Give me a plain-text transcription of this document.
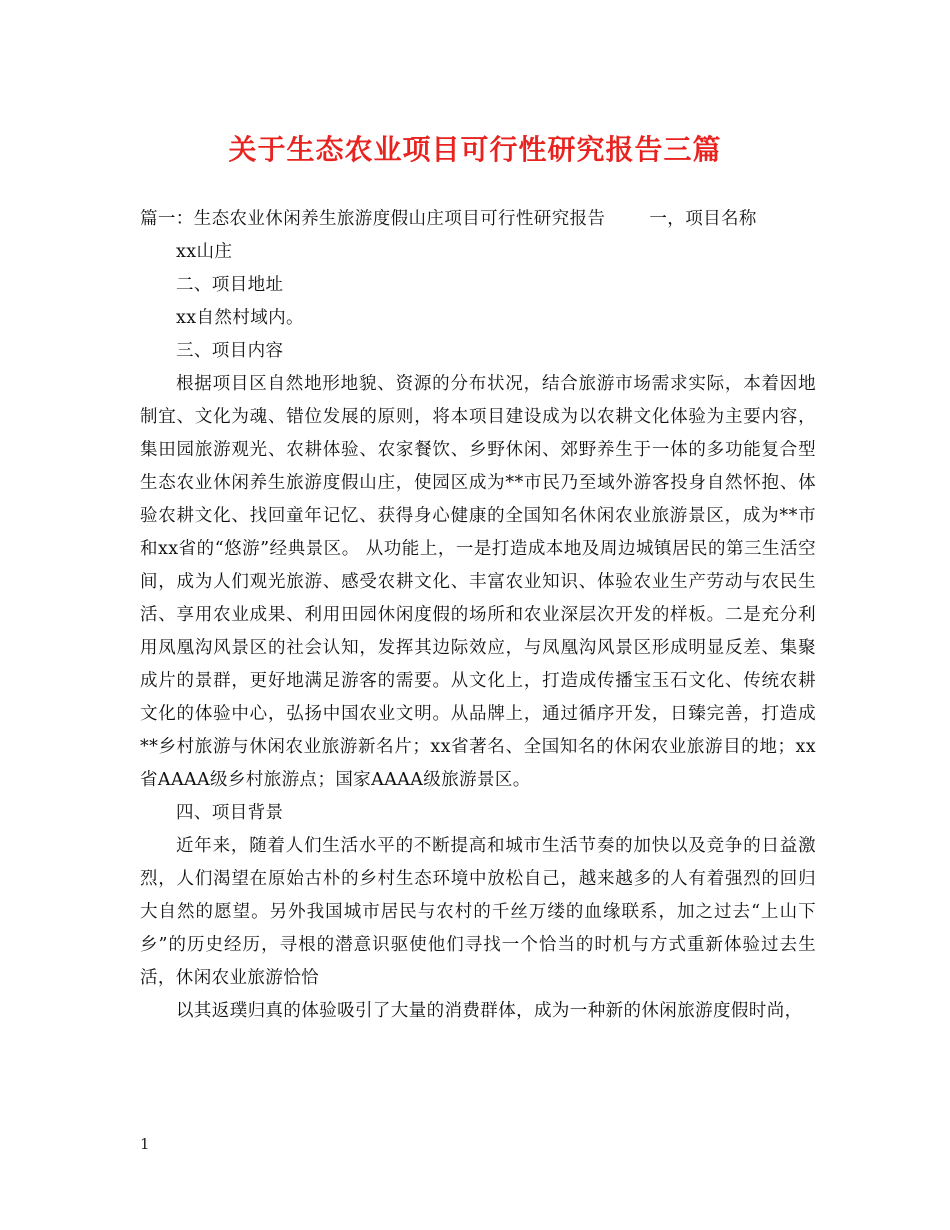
关于生态农业项目可行性研究报告三篇

篇一：生态农业休闲养生旅游度假山庄项目可行性研究报告	一，项目名称

xx山庄

二、项目地址

xx自然村域内。

三、项目内容

根据项目区自然地形地貌、资源的分布状况，结合旅游市场需求实际，本着因地制宜、文化为魂、错位发展的原则，将本项目建设成为以农耕文化体验为主要内容，集田园旅游观光、农耕体验、农家餐饮、乡野休闲、郊野养生于一体的多功能复合型生态农业休闲养生旅游度假山庄，使园区成为**市民乃至域外游客投身自然怀抱、体验农耕文化、找回童年记忆、获得身心健康的全国知名休闲农业旅游景区，成为**市和xx省的“悠游”经典景区。 从功能上，一是打造成本地及周边城镇居民的第三生活空间，成为人们观光旅游、感受农耕文化、丰富农业知识、体验农业生产劳动与农民生活、享用农业成果、利用田园休闲度假的场所和农业深层次开发的样板。二是充分利用凤凰沟风景区的社会认知，发挥其边际效应，与凤凰沟风景区形成明显反差、集聚成片的景群，更好地满足游客的需要。从文化上，打造成传播宝玉石文化、传统农耕文化的体验中心，弘扬中国农业文明。从品牌上，通过循序开发，日臻完善，打造成**乡村旅游与休闲农业旅游新名片；xx省著名、全国知名的休闲农业旅游目的地；xx省AAAA级乡村旅游点；国家AAAA级旅游景区。

四、项目背景

近年来，随着人们生活水平的不断提高和城市生活节奏的加快以及竞争的日益激烈，人们渴望在原始古朴的乡村生态环境中放松自己，越来越多的人有着强烈的回归大自然的愿望。另外我国城市居民与农村的千丝万缕的血缘联系，加之过去“上山下乡”的历史经历，寻根的潜意识驱使他们寻找一个恰当的时机与方式重新体验过去生活，休闲农业旅游恰恰

以其返璞归真的体验吸引了大量的消费群体，成为一种新的休闲旅游度假时尚，

1
